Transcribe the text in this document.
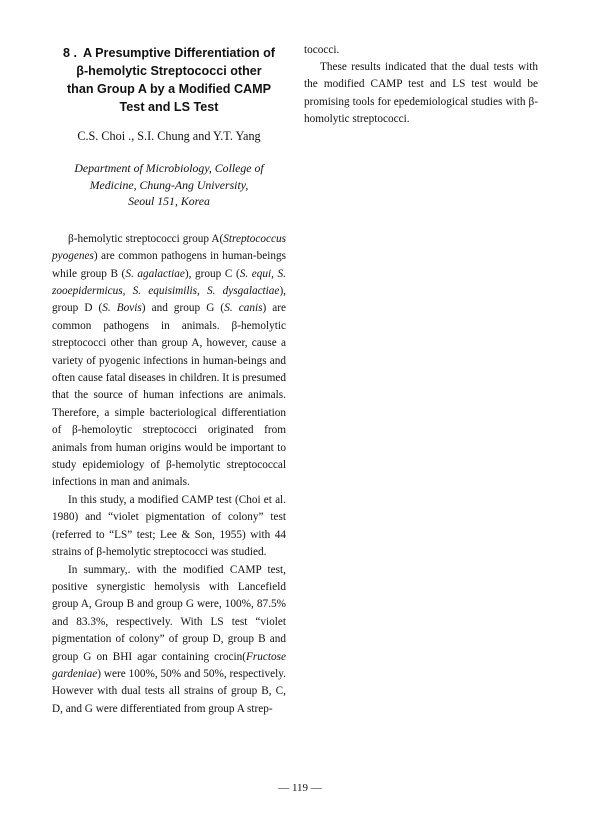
8 . A Presumptive Differentiation of
β-hemolytic Streptococci other
than Group A by a Modified CAMP
Test and LS Test
C.S. Choi ., S.I. Chung and Y.T. Yang
Department of Microbiology, College of
Medicine, Chung-Ang University,
Seoul 151, Korea

β-hemolytic streptococci group A(Streptococcus pyogenes) are common pathogens in human-beings while group B (S. agalactiae), group C (S. equi, S. zooepidermicus, S. equisimilis, S. dysgalactiae), group D (S. Bovis) and group G (S. canis) are common pathogens in animals. β-hemolytic streptococci other than group A, however, cause a variety of pyogenic infections in human-beings and often cause fatal diseases in children. It is presumed that the source of human infections are animals. Therefore, a simple bacteriological differentiation of β-hemoloytic streptococci originated from animals from human origins would be important to study epidemiology of β-hemolytic streptococcal infections in man and animals.

In this study, a modified CAMP test (Choi et al. 1980) and “violet pigmentation of colony” test (referred to “LS” test; Lee & Son, 1955) with 44 strains of β-hemolytic streptococci was studied.

In summary,. with the modified CAMP test, positive synergistic hemolysis with Lancefield group A, Group B and group G were, 100%, 87.5% and 83.3%, respectively. With LS test “violet pigmentation of colony” of group D, group B and group G on BHI agar containing crocin(Fructose gardeniae) were 100%, 50% and 50%, respectively. However with dual tests all strains of group B, C, D, and G were differentiated from group A strep-

tococci.

These results indicated that the dual tests with the modified CAMP test and LS test would be promising tools for epedemiological studies with β-homolytic streptococci.

— 119 —
